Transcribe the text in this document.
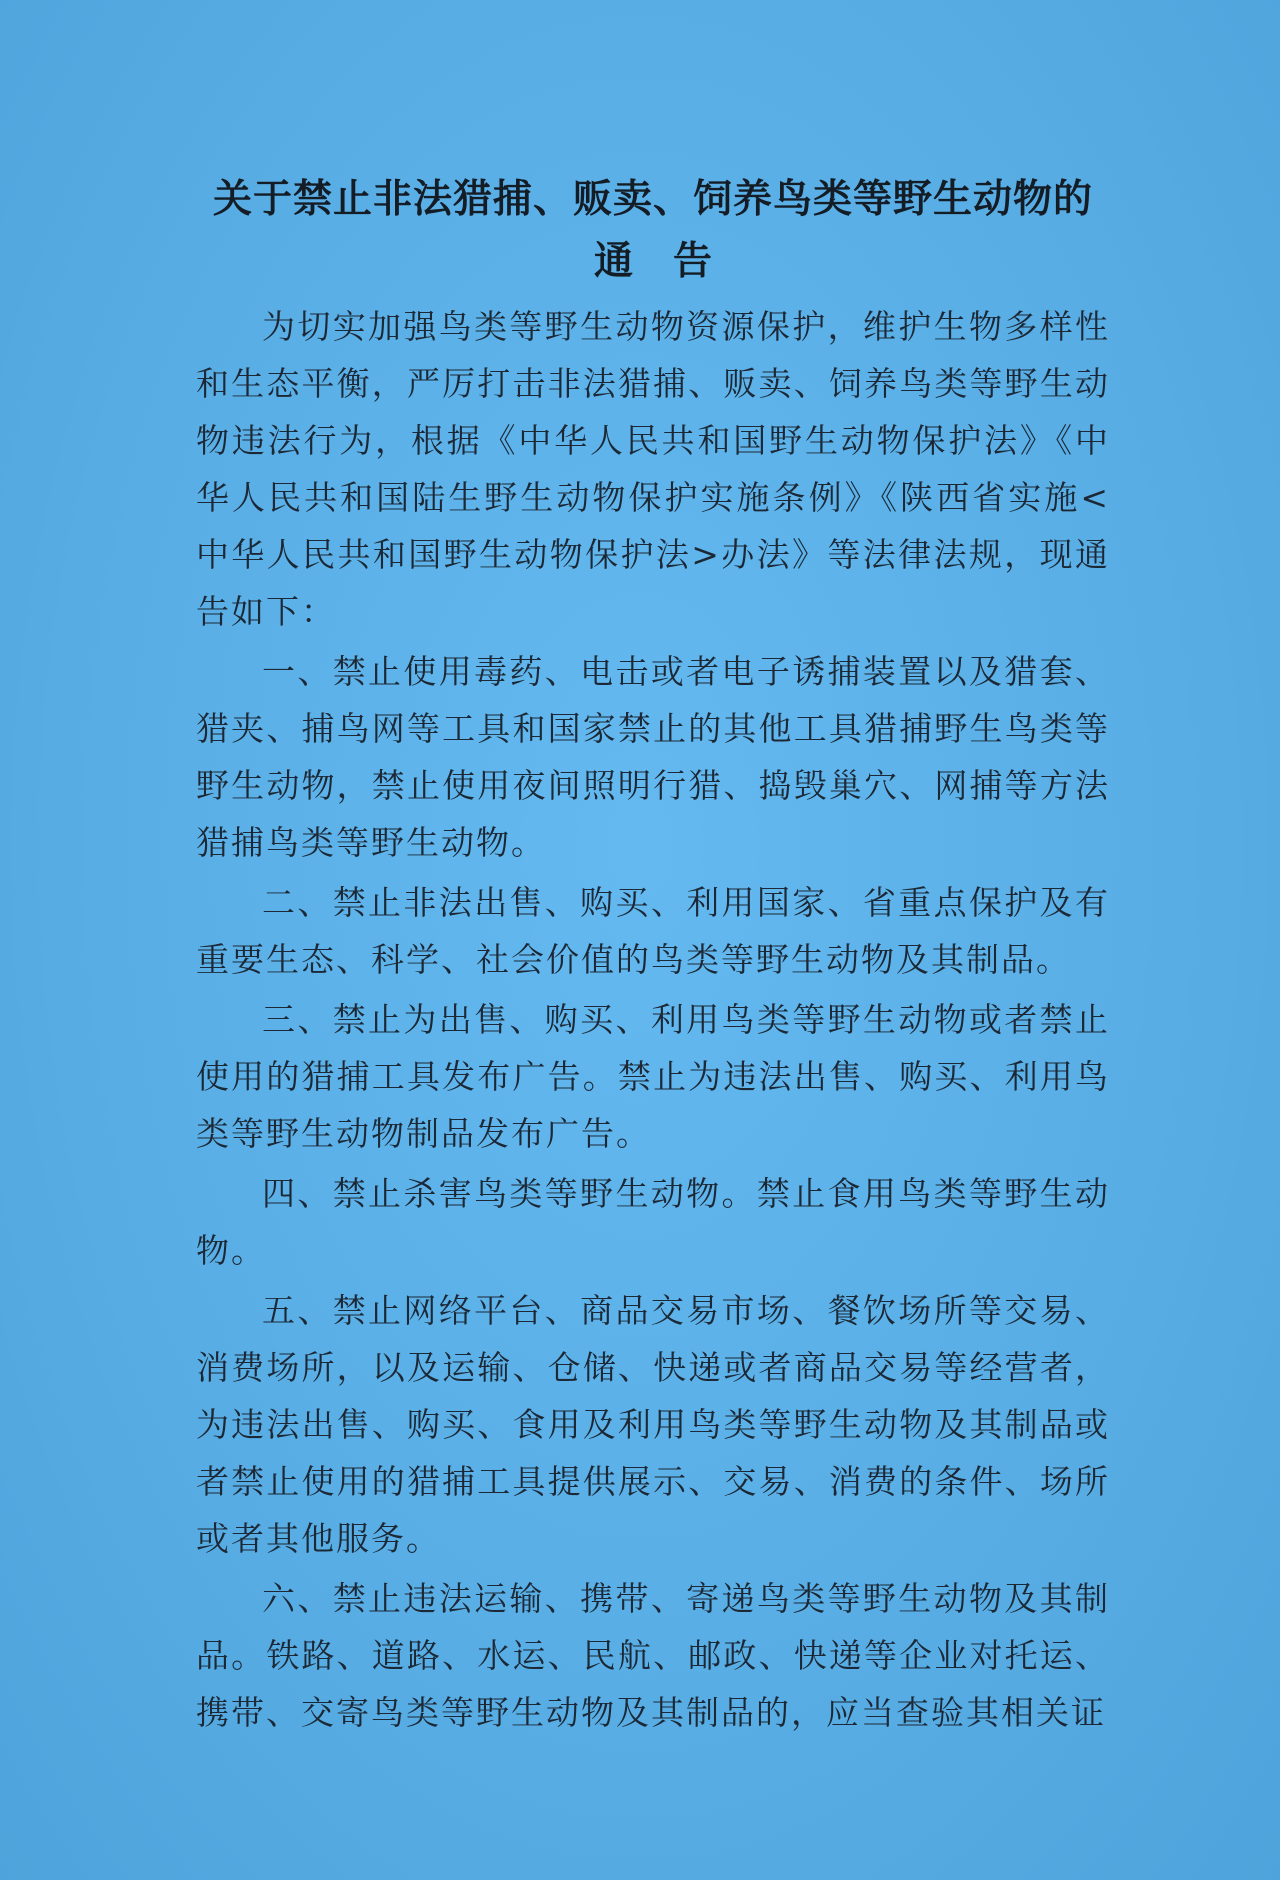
关于禁止非法猎捕、贩卖、饲养鸟类等野生动物的
通告

为切实加强鸟类等野生动物资源保护，维护生物多样性和生态平衡，严厉打击非法猎捕、贩卖、饲养鸟类等野生动物违法行为，根据《中华人民共和国野生动物保护法》《中华人民共和国陆生野生动物保护实施条例》《陕西省实施<中华人民共和国野生动物保护法>办法》等法律法规，现通告如下：

一、禁止使用毒药、电击或者电子诱捕装置以及猎套、猎夹、捕鸟网等工具和国家禁止的其他工具猎捕野生鸟类等野生动物，禁止使用夜间照明行猎、捣毁巢穴、网捕等方法猎捕鸟类等野生动物。

二、禁止非法出售、购买、利用国家、省重点保护及有重要生态、科学、社会价值的鸟类等野生动物及其制品。

三、禁止为出售、购买、利用鸟类等野生动物或者禁止使用的猎捕工具发布广告。禁止为违法出售、购买、利用鸟类等野生动物制品发布广告。

四、禁止杀害鸟类等野生动物。禁止食用鸟类等野生动物。

五、禁止网络平台、商品交易市场、餐饮场所等交易、消费场所，以及运输、仓储、快递或者商品交易等经营者，为违法出售、购买、食用及利用鸟类等野生动物及其制品或者禁止使用的猎捕工具提供展示、交易、消费的条件、场所或者其他服务。

六、禁止违法运输、携带、寄递鸟类等野生动物及其制品。铁路、道路、水运、民航、邮政、快递等企业对托运、携带、交寄鸟类等野生动物及其制品的，应当查验其相关证
